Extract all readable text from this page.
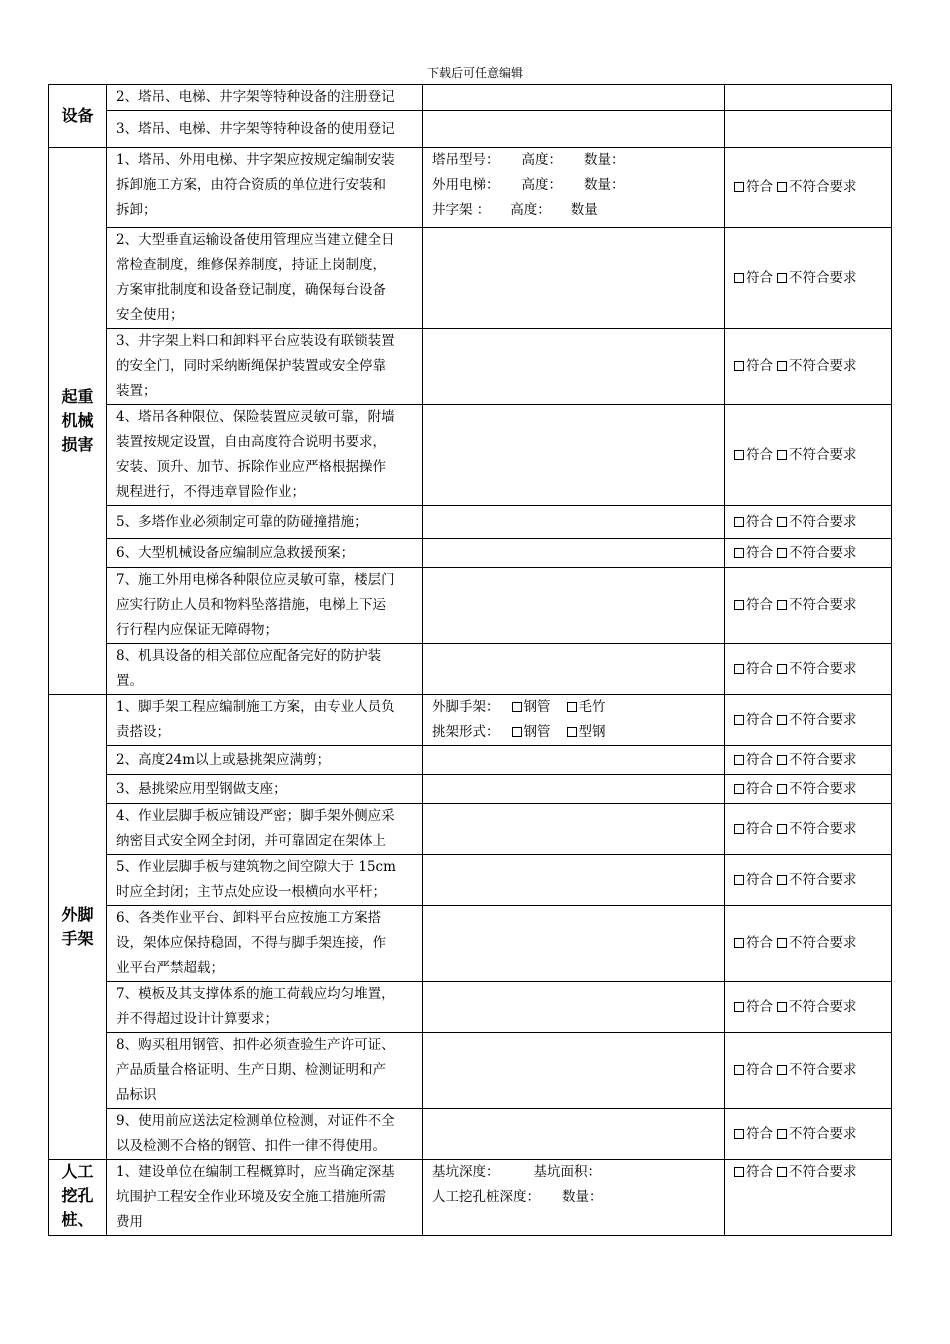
下载后可任意编辑
设备	2、塔吊、电梯、井字架等特种设备的注册登记		
	3、塔吊、电梯、井字架等特种设备的使用登记		

起重
机械
损害	1、塔吊、外用电梯、井字架应按规定编制安装
拆卸施工方案，由符合资质的单位进行安装和
拆卸；	塔吊型号： 高度： 数量：
外用电梯： 高度： 数量：
井字架 ： 高度： 数量	符合 不符合要求

	2、大型垂直运输设备使用管理应当建立健全日
常检查制度，维修保养制度，持证上岗制度，
方案审批制度和设备登记制度，确保每台设备
安全使用；		符合 不符合要求

	3、井字架上料口和卸料平台应装设有联锁装置
的安全门，同时采纳断绳保护装置或安全停靠
装置；		符合 不符合要求

	4、塔吊各种限位、保险装置应灵敏可靠，附墙
装置按规定设置，自由高度符合说明书要求，
安装、顶升、加节、拆除作业应严格根据操作
规程进行，不得违章冒险作业；		符合 不符合要求
	5、多塔作业必须制定可靠的防碰撞措施；		符合 不符合要求
	6、大型机械设备应编制应急救援预案；		符合 不符合要求

	7、施工外用电梯各种限位应灵敏可靠，楼层门
应实行防止人员和物料坠落措施，电梯上下运
行行程内应保证无障碍物；		符合 不符合要求

	8、机具设备的相关部位应配备完好的防护装
置。		符合 不符合要求

外脚
手架	1、脚手架工程应编制施工方案，由专业人员负
责搭设；	外脚手架： 钢管 毛竹
挑架形式： 钢管 型钢	符合 不符合要求
	2、高度24m以上或悬挑架应满剪；		符合 不符合要求
	3、悬挑梁应用型钢做支座；		符合 不符合要求

	4、作业层脚手板应铺设严密；脚手架外侧应采
纳密目式安全网全封闭，并可靠固定在架体上		符合 不符合要求

	5、作业层脚手板与建筑物之间空隙大于 15cm
时应全封闭；主节点处应设一根横向水平杆；		符合 不符合要求

	6、各类作业平台、卸料平台应按施工方案搭
设，架体应保持稳固，不得与脚手架连接，作
业平台严禁超载；		符合 不符合要求

	7、模板及其支撑体系的施工荷载应均匀堆置，
并不得超过设计计算要求；		符合 不符合要求

	8、购买租用钢管、扣件必须查验生产许可证、
产品质量合格证明、生产日期、检测证明和产
品标识		符合 不符合要求

	9、使用前应送法定检测单位检测，对证件不全
以及检测不合格的钢管、扣件一律不得使用。		符合 不符合要求

人工
挖孔
桩、	1、建设单位在编制工程概算时，应当确定深基
坑围护工程安全作业环境及安全施工措施所需
费用	基坑深度： 基坑面积：
人工挖孔桩深度： 数量：	符合 不符合要求
